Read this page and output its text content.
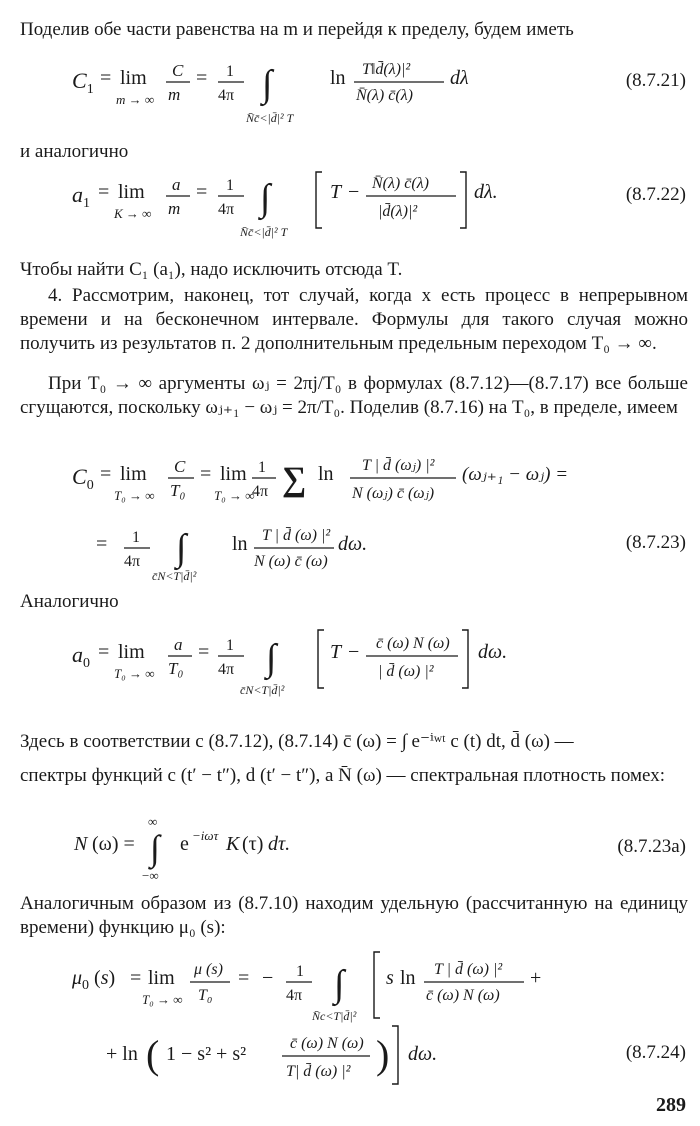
Поделив обе части равенства на m и перейдя к пределу, будем иметь

$C_1$
= lim
m → ∞
C
m
= 1
4π ∫
N̄c̄<|d̄|² T
ln T‖d̄(λ)|²
N̄(λ) c̄(λ)
dλ	(8.7.21)

и аналогично

$a_1$
= lim
K → ∞
a
m
= 1
4π ∫
N̄c̄<|d̄|² T
T − N̄(λ) c̄(λ)
|d̄(λ)|²
dλ.	(8.7.22)

Чтобы найти C₁ (a₁), надо исключить отсюда T.

4. Рассмотрим, наконец, тот случай, когда x есть процесс в непрерывном времени и на бесконечном интервале. Формулы для такого случая можно получить из результатов п. 2 дополнительным предельным переходом T₀ → ∞.

При T₀ → ∞ аргументы ωⱼ = 2πj/T₀ в формулах (8.7.12)—(8.7.17) все больше сгущаются, поскольку ωⱼ₊₁ − ωⱼ = 2π/T₀. Поделив (8.7.16) на T₀, в пределе, имеем

$C_0$
= lim
T₀ → ∞
C
T₀
= lim
T₀ → ∞
1
4π ∑ ln T | d̄ (ωⱼ) |²
N (ωⱼ) c̄ (ωⱼ)
(ωⱼ₊₁ − ωⱼ) =
= 1
4π ∫
c̄N<T|d̄|²
ln T | d̄ (ω) |²
N (ω) c̄ (ω)
dω.	(8.7.23)

Аналогично

$a_0$
= lim
T₀ → ∞
a
T₀
= 1
4π ∫
c̄N<T|d̄|²
T − c̄ (ω) N (ω)
| d̄ (ω) |²
dω.

Здесь в соответствии с (8.7.12), (8.7.14) c̄ (ω) = ∫ e⁻ⁱʷᵗ c (t) dt, d̄ (ω) —

спектры функций c (t′ − t″), d (t′ − t″), а N̄ (ω) — спектральная плотность помех:

N (ω) = ∫
∞
−∞
e −iωτ K (τ) dτ.	(8.7.23a)

Аналогичным образом из (8.7.10) находим удельную (рассчитанную на единицу времени) функцию μ₀ (s):

$\mu_0$ (s) = lim
T₀ → ∞
μ (s)
T₀
= − 1
4π ∫
N̄c<T|d̄|²
s ln T | d̄ (ω) |²
c̄ (ω) N (ω)
+
+ ln ( 1 − s² + s²	c̄ (ω) N (ω)
T| d̄ (ω) |² ) dω.	(8.7.24)
289
